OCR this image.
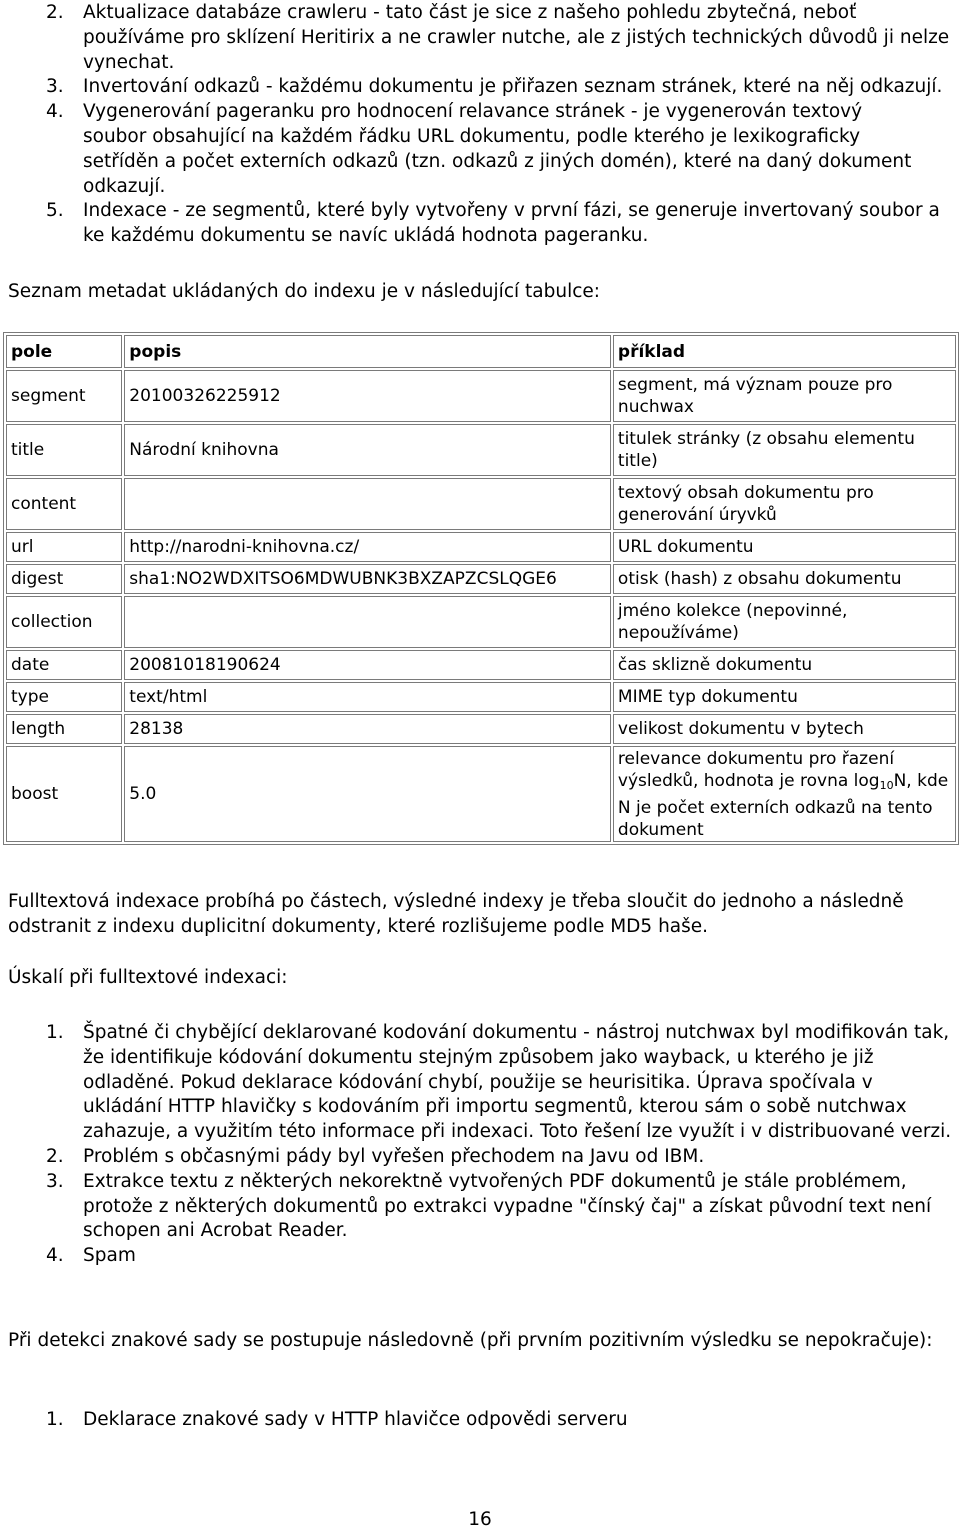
2. Aktualizace databáze crawleru - tato část je sice z našeho pohledu zbytečná, neboť používáme pro sklízení Heritirix a ne crawler nutche, ale z jistých technických důvodů ji nelze vynechat.
3. Invertování odkazů - každému dokumentu je přiřazen seznam stránek, které na něj odkazují.
4. Vygenerování pageranku pro hodnocení relavance stránek - je vygenerován textový soubor obsahující na každém řádku URL dokumentu, podle kterého je lexikograficky setříděn a počet externích odkazů (tzn. odkazů z jiných domén), které na daný dokument odkazují.
5. Indexace - ze segmentů, které byly vytvořeny v první fázi, se generuje invertovaný soubor a ke každému dokumentu se navíc ukládá hodnota pageranku.

Seznam metadat ukládaných do indexu je v následující tabulce:

pole	popis	příklad
segment	20100326225912	segment, má význam pouze pro nuchwax
title	Národní knihovna	titulek stránky (z obsahu elementu title)
content		textový obsah dokumentu pro generování úryvků
url	http://narodni-knihovna.cz/	URL dokumentu
digest	sha1:NO2WDXITSO6MDWUBNK3BXZAPZCSLQGE6	otisk (hash) z obsahu dokumentu
collection		jméno kolekce (nepovinné, nepoužíváme)
date	20081018190624	čas sklizně dokumentu
type	text/html	MIME typ dokumentu
length	28138	velikost dokumentu v bytech
boost	5.0	relevance dokumentu pro řazení výsledků, hodnota je rovna $\log_{10}N$, kde N je počet externích odkazů na tento dokument

Fulltextová indexace probíhá po částech, výsledné indexy je třeba sloučit do jednoho a následně odstranit z indexu duplicitní dokumenty, které rozlišujeme podle MD5 haše.

Úskalí při fulltextové indexaci:

1. Špatné či chybějící deklarované kodování dokumentu - nástroj nutchwax byl modifikován tak, že identifikuje kódování dokumentu stejným způsobem jako wayback, u kterého je již odladěné. Pokud deklarace kódování chybí, použije se heurisitika. Úprava spočívala v ukládání HTTP hlavičky s kodováním při importu segmentů, kterou sám o sobě nutchwax zahazuje, a využitím této informace při indexaci. Toto řešení lze využít i v distribuované verzi.
2. Problém s občasnými pády byl vyřešen přechodem na Javu od IBM.
3. Extrakce textu z některých nekorektně vytvořených PDF dokumentů je stále problémem, protože z některých dokumentů po extrakci vypadne "čínský čaj" a získat původní text není schopen ani Acrobat Reader.
4. Spam

Při detekci znakové sady se postupuje následovně (při prvním pozitivním výsledku se nepokračuje):

1. Deklarace znakové sady v HTTP hlavičce odpovědi serveru
16
